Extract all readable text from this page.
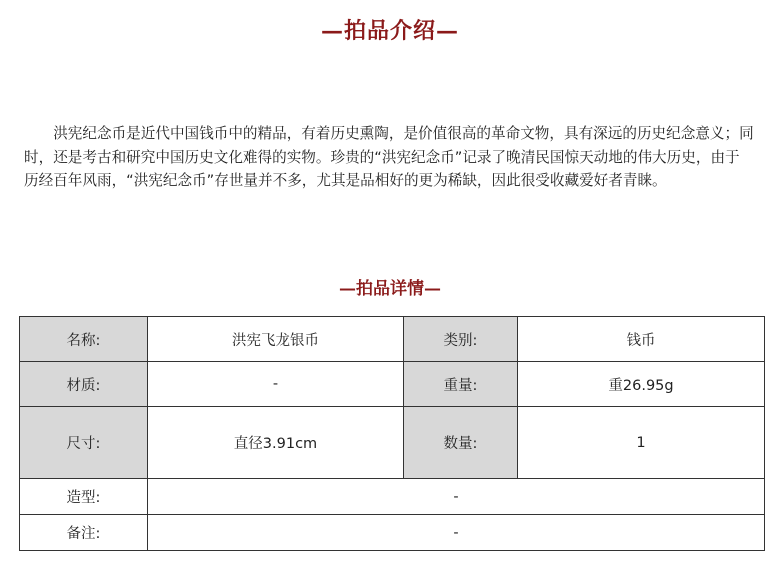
—拍品介绍—

洪宪纪念币是近代中国钱币中的精品，有着历史熏陶，是价值很高的革命文物，具有深远的历史纪念意义；同时，还是考古和研究中国历史文化难得的实物。珍贵的“洪宪纪念币”记录了晚清民国惊天动地的伟大历史，由于历经百年风雨，“洪宪纪念币”存世量并不多，尤其是品相好的更为稀缺，因此很受收藏爱好者青睐。

—拍品详情—
名称:	洪宪飞龙银币	类别:	钱币
材质:	-	重量:	重26.95g
尺寸:	直径3.91cm	数量:	1
造型:	-		
备注:	-		
